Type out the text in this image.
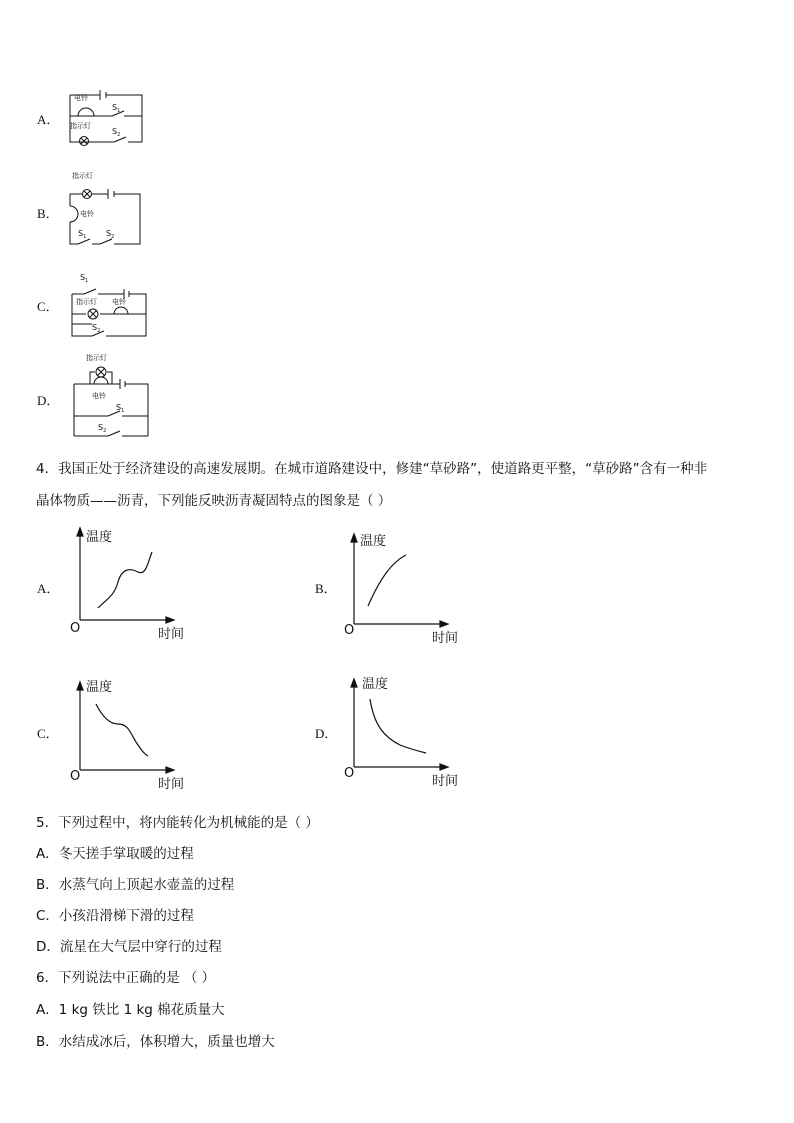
A．
电铃
指示灯
$S_1$
$S_2$
B．
指示灯
电铃
$S_1$ $S_2$
C．
$S_1$
指示灯 电铃
$S_2$
D．
指示灯
电铃
$S_1$
$S_2$
4．我国正处于经济建设的高速发展期。在城市道路建设中，修建“草砂路”，使道路更平整，“草砂路”含有一种非
晶体物质——沥青，下列能反映沥青凝固特点的图象是（ ）
A．
温度
O	时间
B．
温度
O
时间
C．
温度
O
时间
D．
温度
O
时间
5．下列过程中，将内能转化为机械能的是（ ）
A．冬天搓手掌取暖的过程
B．水蒸气向上顶起水壶盖的过程
C．小孩沿滑梯下滑的过程
D．流星在大气层中穿行的过程
6．下列说法中正确的是 （ ）
A．1 kg 铁比 1 kg 棉花质量大
B．水结成冰后，体积增大，质量也增大
